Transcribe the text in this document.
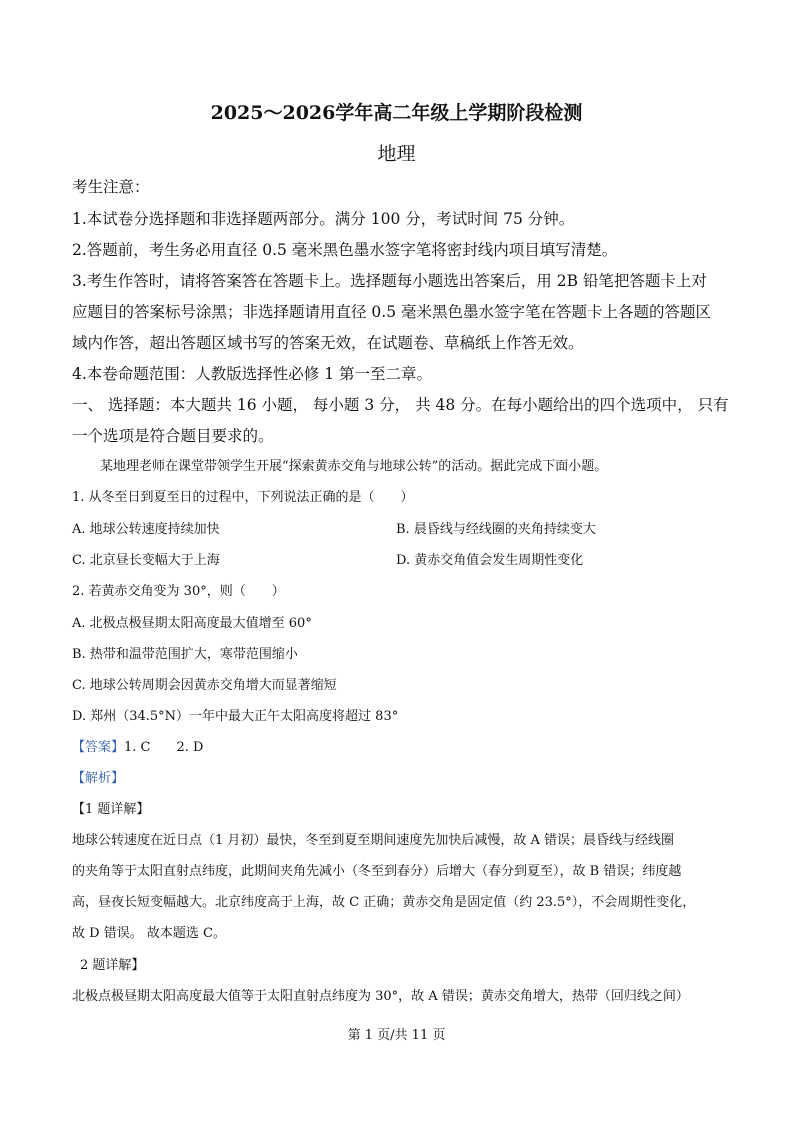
2025～2026学年高二年级上学期阶段检测
地理
考生注意：
1.本试卷分选择题和非选择题两部分。满分 100 分，考试时间 75 分钟。
2.答题前，考生务必用直径 0.5 毫米黑色墨水签字笔将密封线内项目填写清楚。
3.考生作答时，请将答案答在答题卡上。选择题每小题选出答案后，用 2B 铅笔把答题卡上对
应题目的答案标号涂黑；非选择题请用直径 0.5 毫米黑色墨水签字笔在答题卡上各题的答题区
域内作答，超出答题区域书写的答案无效，在试题卷、草稿纸上作答无效。
4.本卷命题范围：人教版选择性必修 1 第一至二章。
一、 选择题：本大题共 16 小题， 每小题 3 分， 共 48 分。在每小题给出的四个选项中， 只有
一个选项是符合题目要求的。
某地理老师在课堂带领学生开展“探索黄赤交角与地球公转”的活动。据此完成下面小题。
1. 从冬至日到夏至日的过程中，下列说法正确的是（　　）
A. 地球公转速度持续加快	B. 晨昏线与经线圈的夹角持续变大
C. 北京昼长变幅大于上海	D. 黄赤交角值会发生周期性变化
2. 若黄赤交角变为 30°，则（　　）
A. 北极点极昼期太阳高度最大值增至 60°
B. 热带和温带范围扩大，寒带范围缩小
C. 地球公转周期会因黄赤交角增大而显著缩短
D. 郑州（34.5°N）一年中最大正午太阳高度将超过 83°
【答案】1. C　　2. D
【解析】
【1 题详解】
地球公转速度在近日点（1 月初）最快，冬至到夏至期间速度先加快后减慢，故 A 错误；晨昏线与经线圈
的夹角等于太阳直射点纬度，此期间夹角先减小（冬至到春分）后增大（春分到夏至），故 B 错误；纬度越
高，昼夜长短变幅越大。北京纬度高于上海，故 C 正确；黄赤交角是固定值（约 23.5°），不会周期性变化，
故 D 错误。 故本题选 C。
2 题详解】
北极点极昼期太阳高度最大值等于太阳直射点纬度为 30°，故 A 错误；黄赤交角增大，热带（回归线之间）
第 1 页/共 11 页
